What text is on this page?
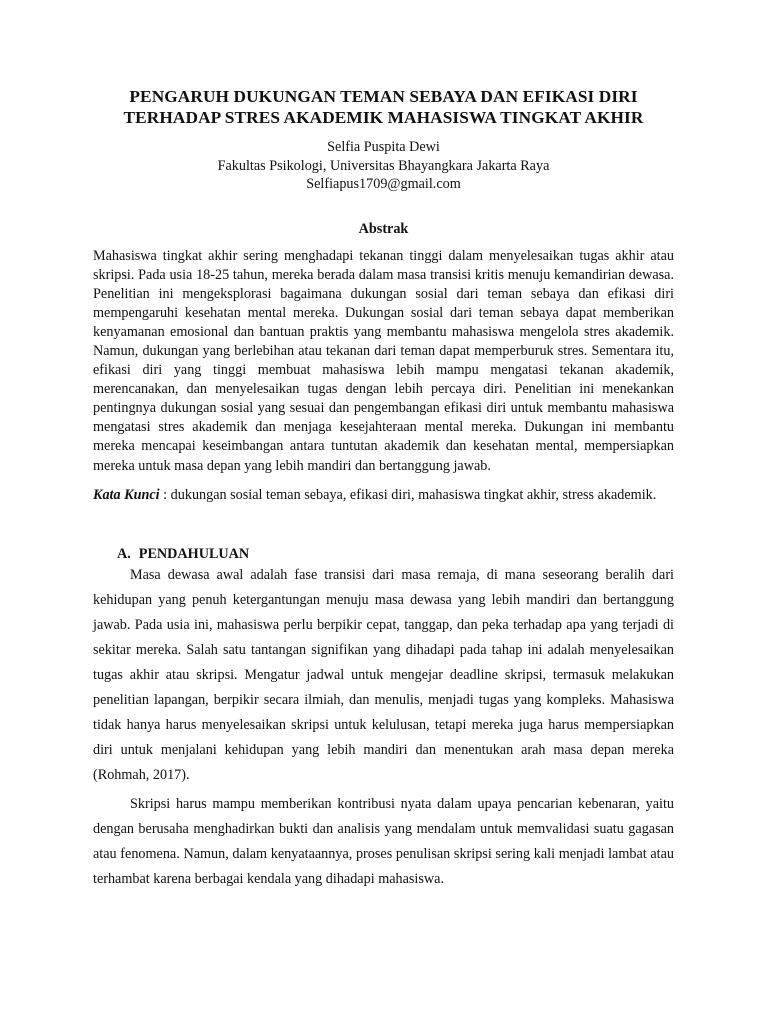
PENGARUH DUKUNGAN TEMAN SEBAYA DAN EFIKASI DIRI
TERHADAP STRES AKADEMIK MAHASISWA TINGKAT AKHIR
Selfia Puspita Dewi
Fakultas Psikologi, Universitas Bhayangkara Jakarta Raya
Selfiapus1709@gmail.com
Abstrak
Mahasiswa tingkat akhir sering menghadapi tekanan tinggi dalam menyelesaikan tugas akhir atau skripsi. Pada usia 18-25 tahun, mereka berada dalam masa transisi kritis menuju kemandirian dewasa. Penelitian ini mengeksplorasi bagaimana dukungan sosial dari teman sebaya dan efikasi diri mempengaruhi kesehatan mental mereka. Dukungan sosial dari teman sebaya dapat memberikan kenyamanan emosional dan bantuan praktis yang membantu mahasiswa mengelola stres akademik. Namun, dukungan yang berlebihan atau tekanan dari teman dapat memperburuk stres. Sementara itu, efikasi diri yang tinggi membuat mahasiswa lebih mampu mengatasi tekanan akademik, merencanakan, dan menyelesaikan tugas dengan lebih percaya diri. Penelitian ini menekankan pentingnya dukungan sosial yang sesuai dan pengembangan efikasi diri untuk membantu mahasiswa mengatasi stres akademik dan menjaga kesejahteraan mental mereka. Dukungan ini membantu mereka mencapai keseimbangan antara tuntutan akademik dan kesehatan mental, mempersiapkan mereka untuk masa depan yang lebih mandiri dan bertanggung jawab.
Kata Kunci : dukungan sosial teman sebaya, efikasi diri, mahasiswa tingkat akhir, stress akademik.
A. PENDAHULUAN

Masa dewasa awal adalah fase transisi dari masa remaja, di mana seseorang beralih dari kehidupan yang penuh ketergantungan menuju masa dewasa yang lebih mandiri dan bertanggung jawab. Pada usia ini, mahasiswa perlu berpikir cepat, tanggap, dan peka terhadap apa yang terjadi di sekitar mereka. Salah satu tantangan signifikan yang dihadapi pada tahap ini adalah menyelesaikan tugas akhir atau skripsi. Mengatur jadwal untuk mengejar deadline skripsi, termasuk melakukan penelitian lapangan, berpikir secara ilmiah, dan menulis, menjadi tugas yang kompleks. Mahasiswa tidak hanya harus menyelesaikan skripsi untuk kelulusan, tetapi mereka juga harus mempersiapkan diri untuk menjalani kehidupan yang lebih mandiri dan menentukan arah masa depan mereka (Rohmah, 2017).

Skripsi harus mampu memberikan kontribusi nyata dalam upaya pencarian kebenaran, yaitu dengan berusaha menghadirkan bukti dan analisis yang mendalam untuk memvalidasi suatu gagasan atau fenomena. Namun, dalam kenyataannya, proses penulisan skripsi sering kali menjadi lambat atau terhambat karena berbagai kendala yang dihadapi mahasiswa.
